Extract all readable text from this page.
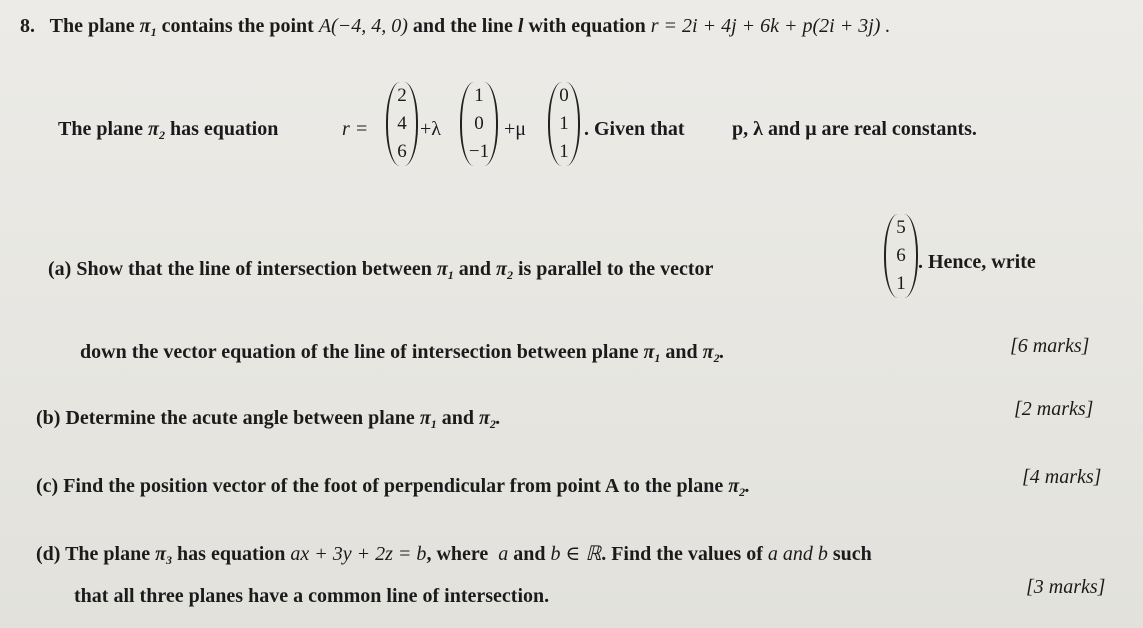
8. The plane $\pi_1$ contains the point A(−4, 4, 0) and the line l with equation r = 2i + 4j + 6k + p(2i + 3j) .
The plane $\pi_2$ has equation	r =
2
4
6
+λ
1
0
−1
+μ
0
1
1
. Given that p, λ and μ are real constants.
(a) Show that the line of intersection between $\pi_1$ and $\pi_2$ is parallel to the vector
5
6
1
. Hence, write
down the vector equation of the line of intersection between plane $\pi_1$ and $\pi_2$.	[6 marks]
(b) Determine the acute angle between plane $\pi_1$ and $\pi_2$.	[2 marks]
(c) Find the position vector of the foot of perpendicular from point A to the plane $\pi_2$.	[4 marks]
(d) The plane $\pi_3$ has equation ax + 3y + 2z = b, where a and b ∈ ℝ. Find the values of a and b such
that all three planes have a common line of intersection.	[3 marks]
